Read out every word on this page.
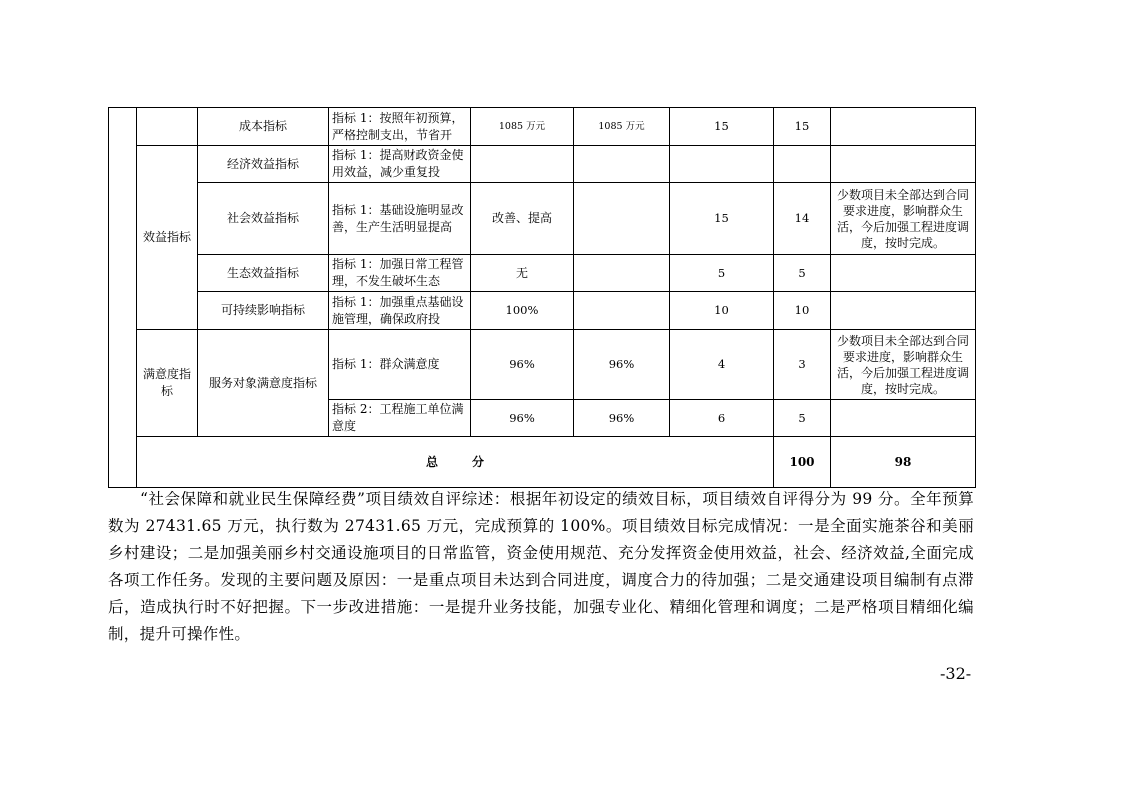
		成本指标	指标 1：按照年初预算，严格控制支出，节省开	1085 万元	1085 万元	15	15		
	效益指标	经济效益指标	指标 1：提高财政资金使用效益，减少重复投						
		社会效益指标	指标 1：基础设施明显改善，生产生活明显提高	改善、提高		15	14	少数项目未全部达到合同要求进度，影响群众生活，今后加强工程进度调度，按时完成。	
		生态效益指标	指标 1：加强日常工程管理，不发生破坏生态	无		5	5		
		可持续影响指标	指标 1：加强重点基础设施管理，确保政府投	100%		10	10		
	满意度指标	服务对象满意度指标	指标 1：群众满意度	96%	96%	4	3	少数项目未全部达到合同要求进度，影响群众生活，今后加强工程进度调度，按时完成。	
			指标 2：工程施工单位满意度	96%	96%	6	5		
	总 分						100	98	

“社会保障和就业民生保障经费”项目绩效自评综述：根据年初设定的绩效目标，项目绩效自评得分为 99 分。全年预算数为 27431.65 万元，执行数为 27431.65 万元，完成预算的 100%。项目绩效目标完成情况：一是全面实施茶谷和美丽乡村建设；二是加强美丽乡村交通设施项目的日常监管，资金使用规范、充分发挥资金使用效益，社会、经济效益,全面完成各项工作任务。发现的主要问题及原因：一是重点项目未达到合同进度，调度合力的待加强；二是交通建设项目编制有点滞后，造成执行时不好把握。下一步改进措施：一是提升业务技能，加强专业化、精细化管理和调度；二是严格项目精细化编制，提升可操作性。

-32-
